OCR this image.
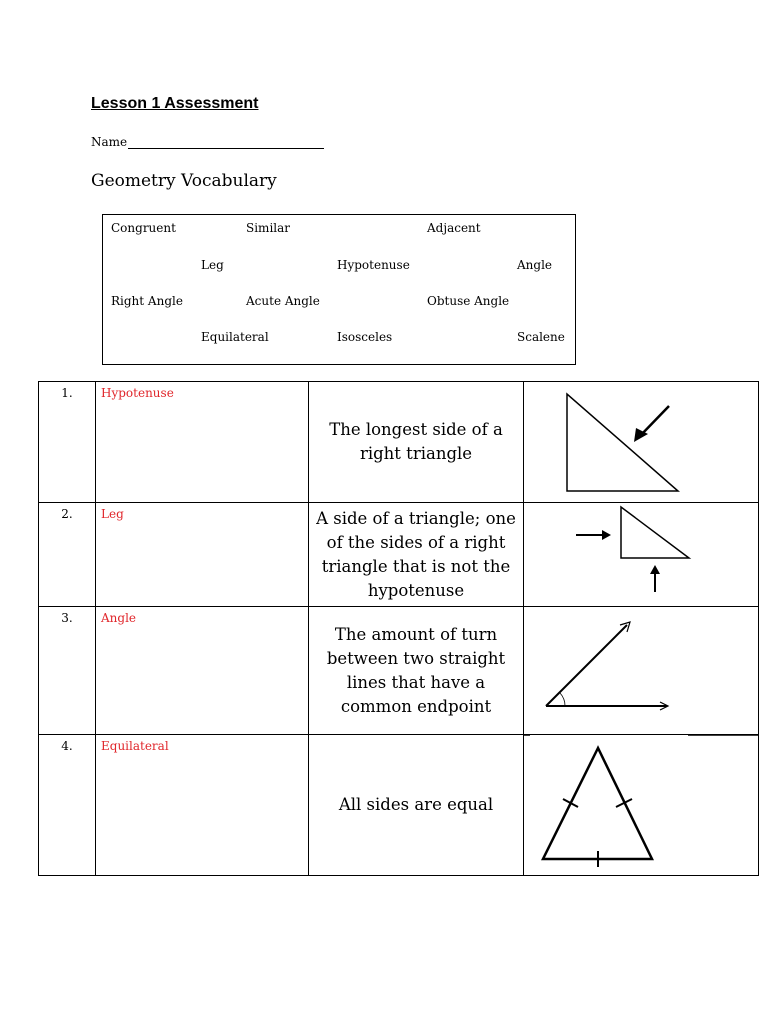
Lesson 1 Assessment
Name
Geometry Vocabulary
Congruent	Similar	Adjacent
Leg	Hypotenuse	Angle
Right Angle	Acute Angle	Obtuse Angle
Equilateral	Isosceles	Scalene
1.	Hypotenuse	The longest side of a right triangle

2.	Leg	A side of a triangle; one of the sides of a right triangle that is not the hypotenuse

3.	Angle	The amount of turn between two straight lines that have a common endpoint

4.	Equilateral	All sides are equal
